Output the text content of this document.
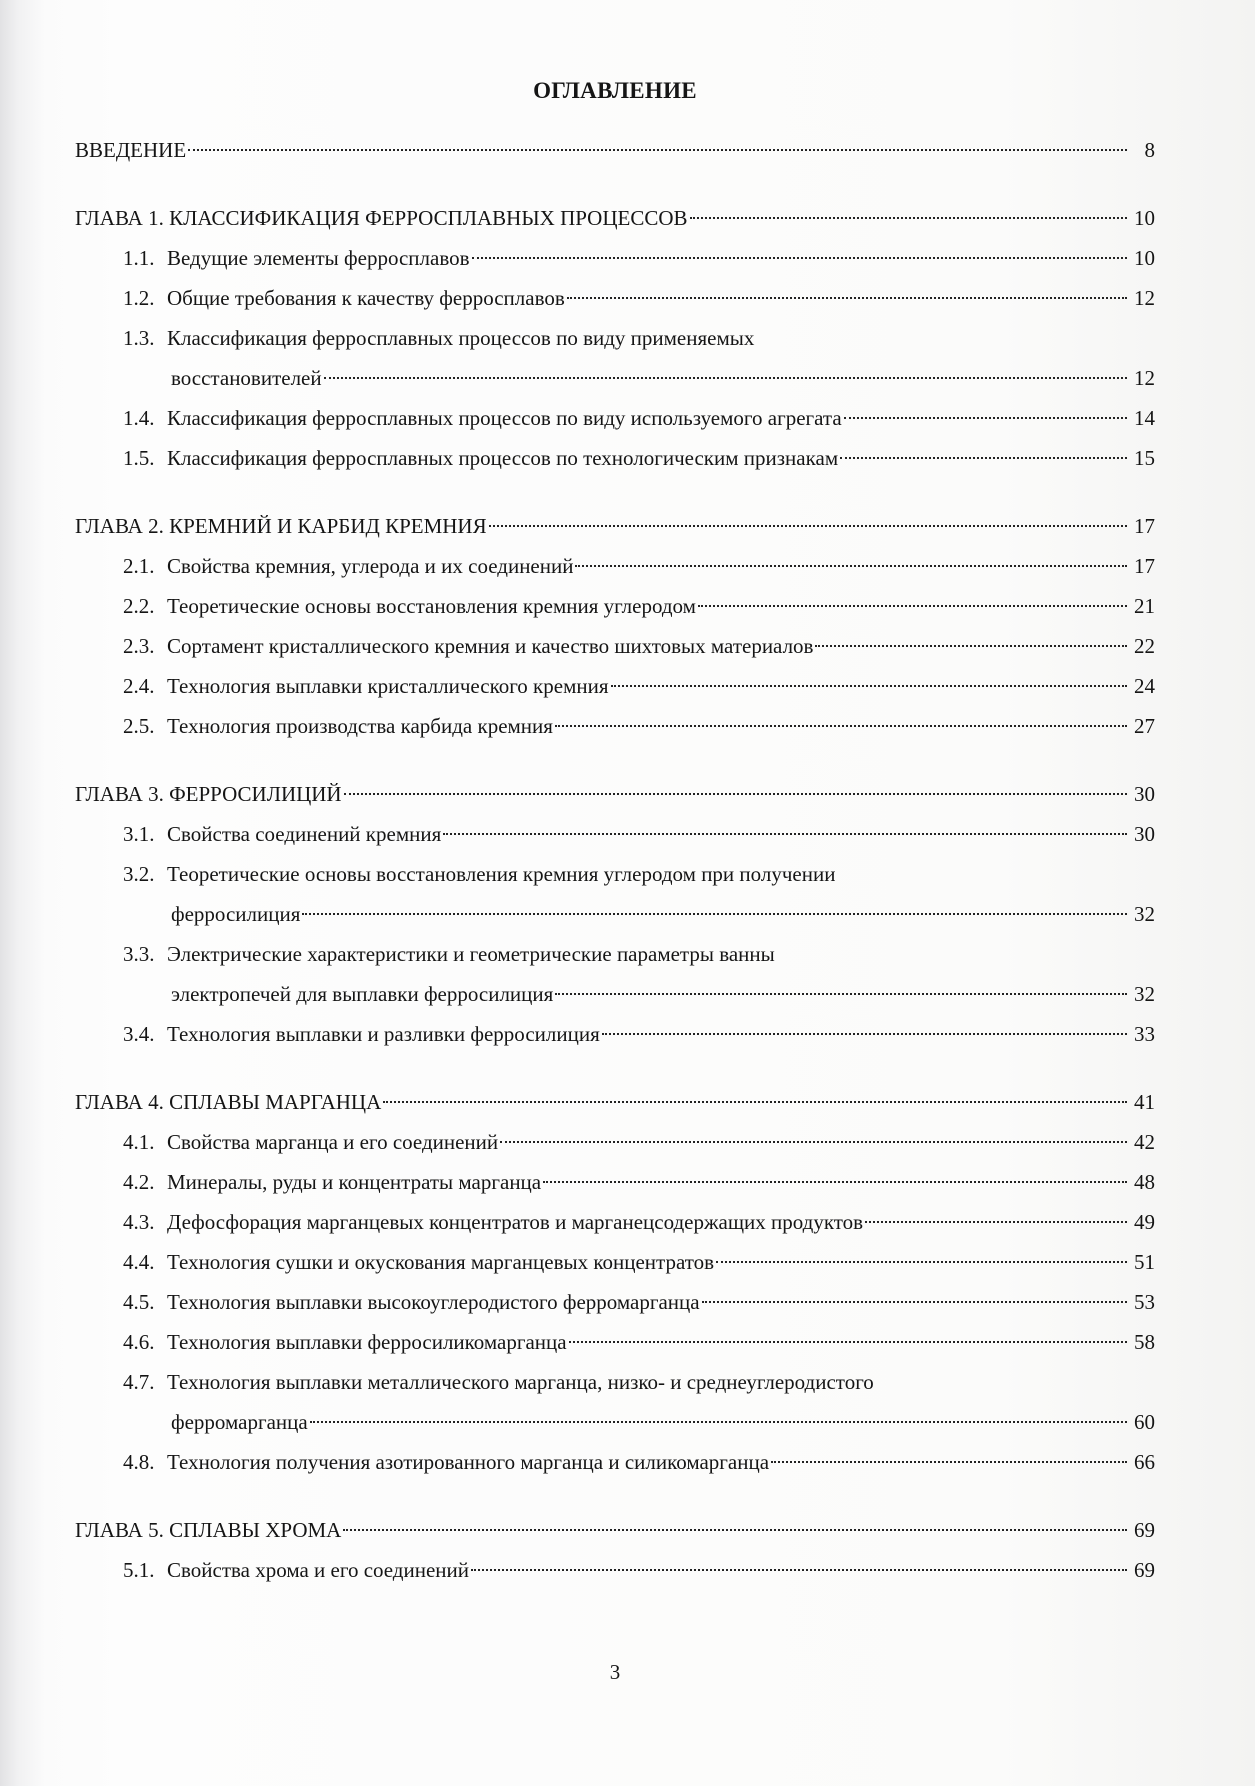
ОГЛАВЛЕНИЕ
ВВЕДЕНИЕ	8
ГЛАВА 1. КЛАССИФИКАЦИЯ ФЕРРОСПЛАВНЫХ ПРОЦЕССОВ	10
1.1. Ведущие элементы ферросплавов	10
1.2. Общие требования к качеству ферросплавов	12
1.3. Классификация ферросплавных процессов по виду применяемых
восстановителей	12
1.4. Классификация ферросплавных процессов по виду используемого агрегата	14
1.5. Классификация ферросплавных процессов по технологическим признакам	15
ГЛАВА 2. КРЕМНИЙ И КАРБИД КРЕМНИЯ	17
2.1. Свойства кремния, углерода и их соединений	17
2.2. Теоретические основы восстановления кремния углеродом	21
2.3. Сортамент кристаллического кремния и качество шихтовых материалов	22
2.4. Технология выплавки кристаллического кремния	24
2.5. Технология производства карбида кремния	27
ГЛАВА 3. ФЕРРОСИЛИЦИЙ	30
3.1. Свойства соединений кремния	30
3.2. Теоретические основы восстановления кремния углеродом при получении
ферросилиция	32
3.3. Электрические характеристики и геометрические параметры ванны
электропечей для выплавки ферросилиция	32
3.4. Технология выплавки и разливки ферросилиция	33
ГЛАВА 4. СПЛАВЫ МАРГАНЦА	41
4.1. Свойства марганца и его соединений	42
4.2. Минералы, руды и концентраты марганца	48
4.3. Дефосфорация марганцевых концентратов и марганецсодержащих продуктов	49
4.4. Технология сушки и окускования марганцевых концентратов	51
4.5. Технология выплавки высокоуглеродистого ферромарганца	53
4.6. Технология выплавки ферросиликомарганца	58
4.7. Технология выплавки металлического марганца, низко- и среднеуглеродистого
ферромарганца	60
4.8. Технология получения азотированного марганца и силикомарганца	66
ГЛАВА 5. СПЛАВЫ ХРОМА	69
5.1. Свойства хрома и его соединений	69
3
